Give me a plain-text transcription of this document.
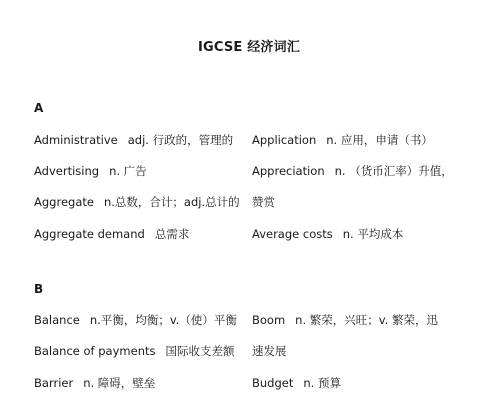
IGCSE 经济词汇
A
Administrative adj. 行政的，管理的
Advertising n. 广告
Aggregate n.总数，合计；adj.总计的
Aggregate demand 总需求
Application n. 应用，申请（书）
Appreciation n. （货币汇率）升值，
赞赏
Average costs n. 平均成本
B
Balance n.平衡，均衡；v.（使）平衡
Balance of payments 国际收支差额
Barrier n. 障碍，壁垒
Boom n. 繁荣，兴旺；v. 繁荣，迅
速发展
Budget n. 预算
